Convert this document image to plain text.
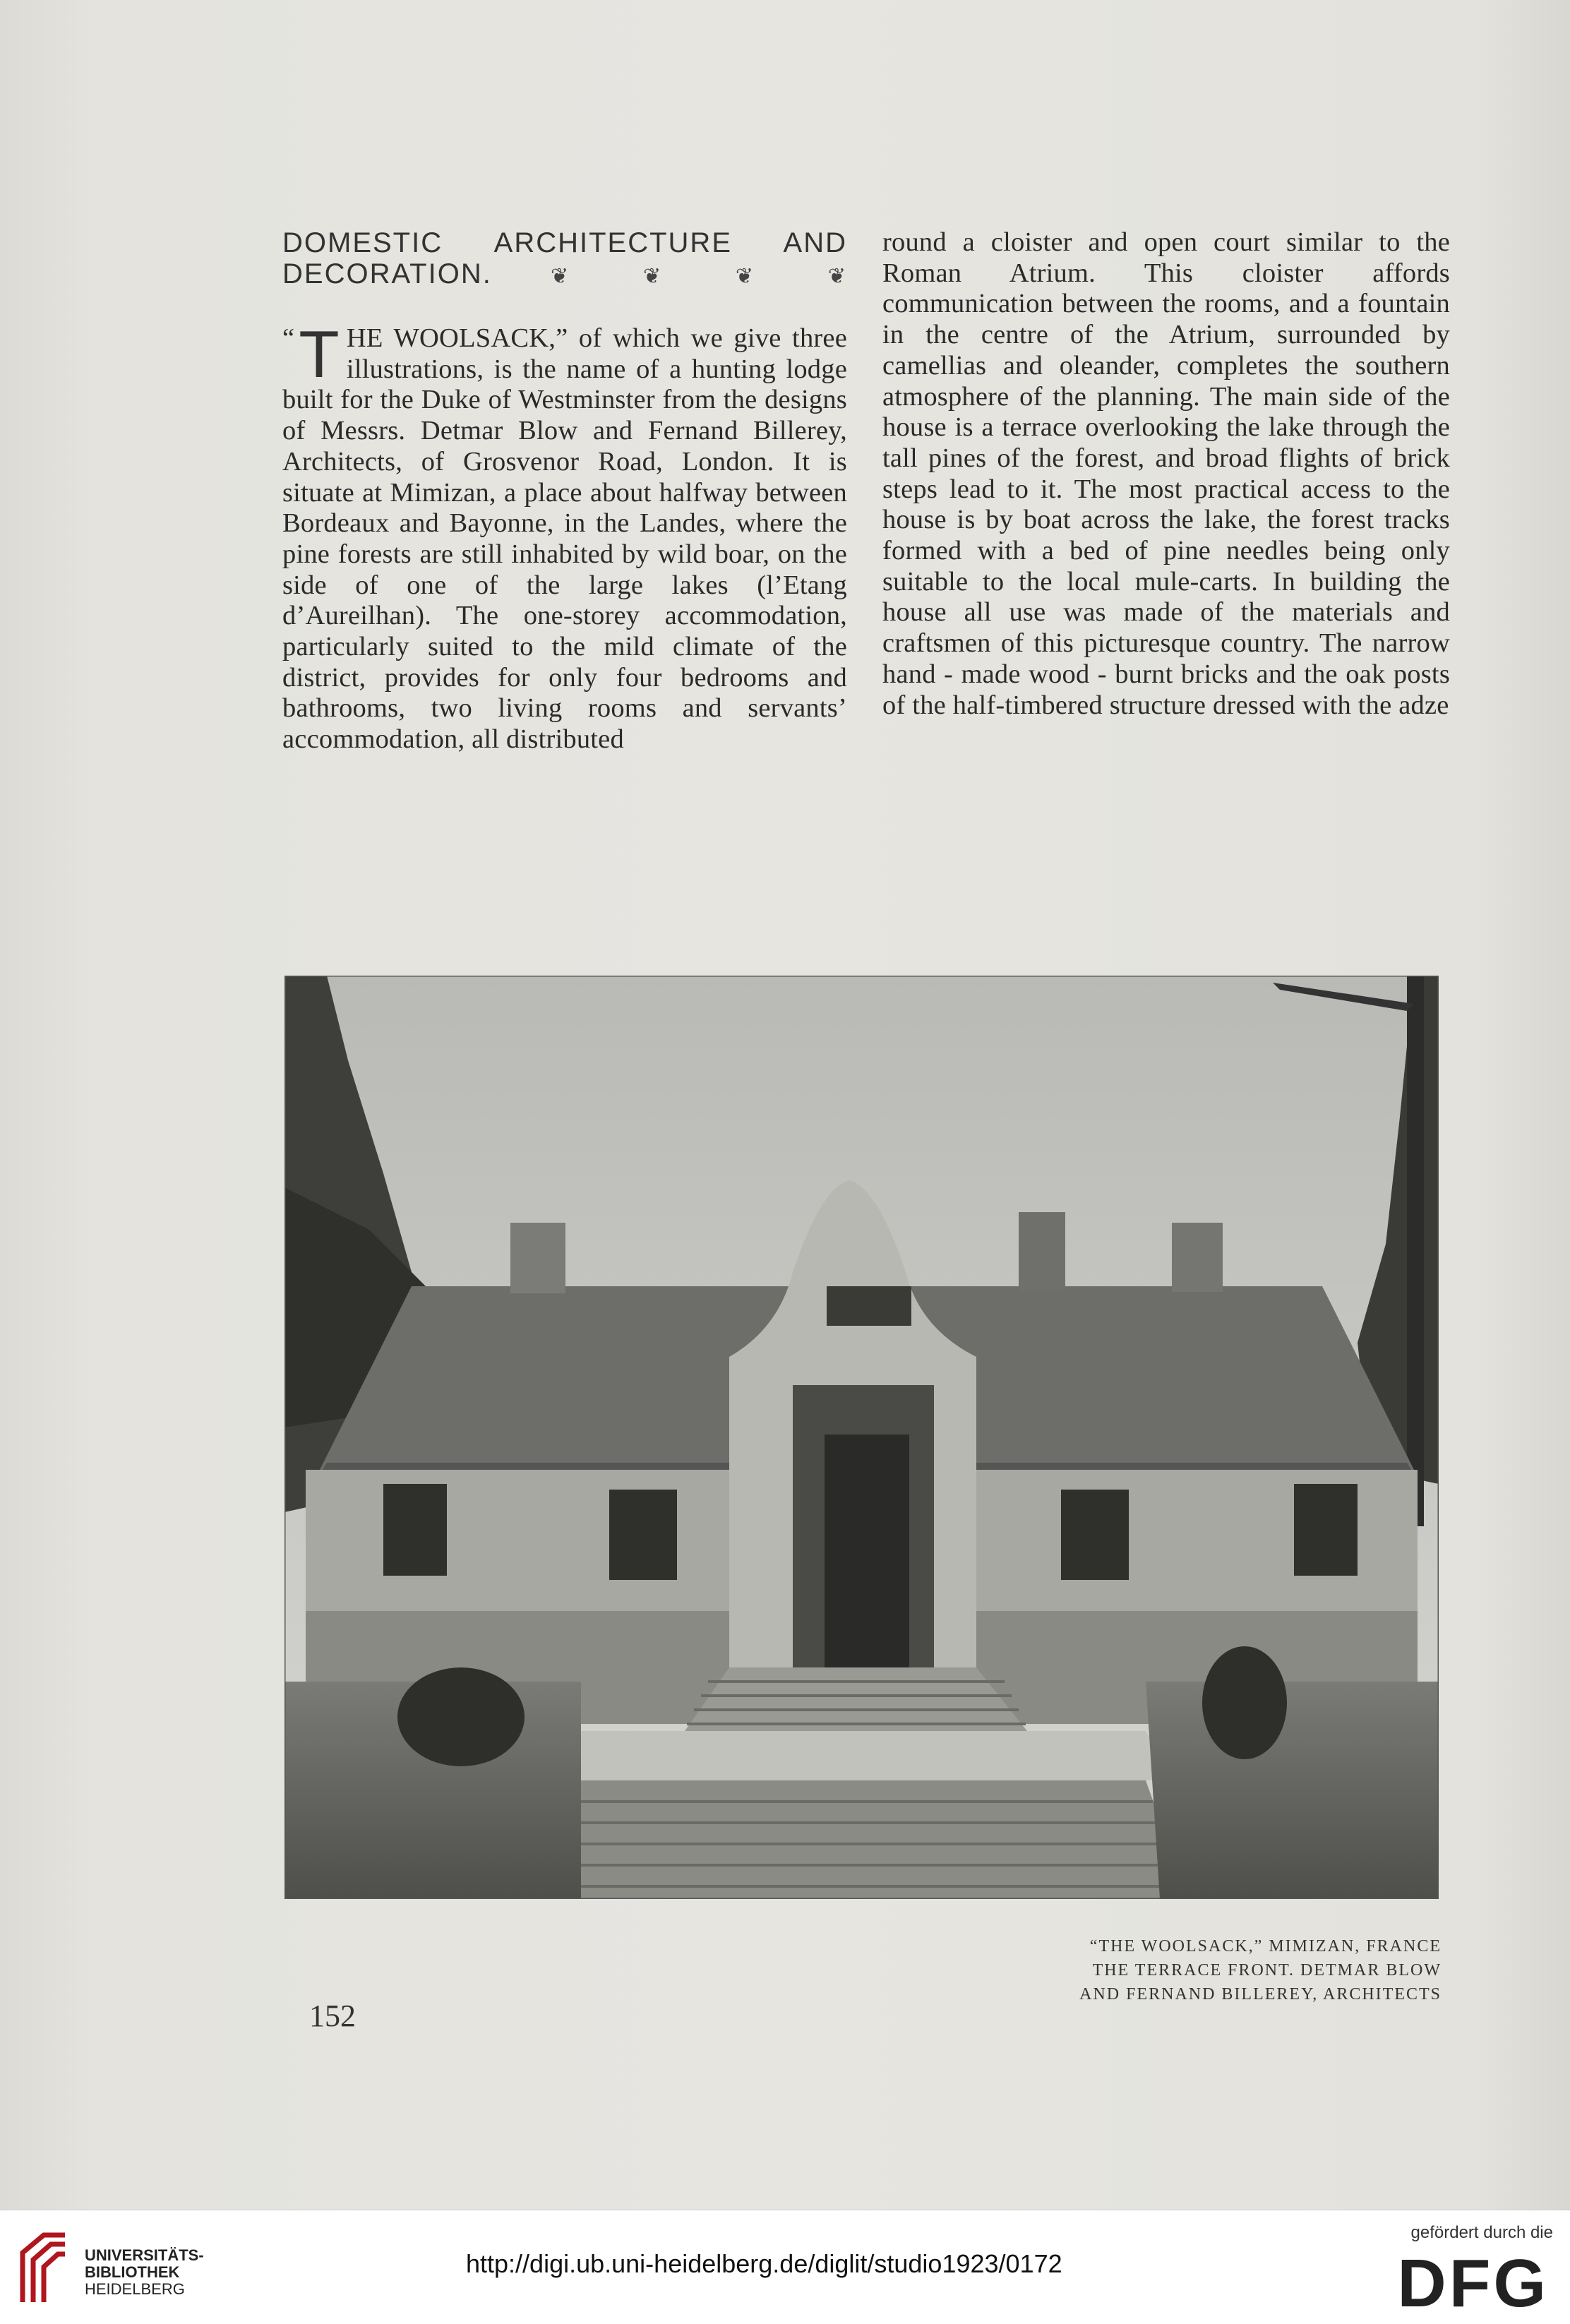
DOMESTIC ARCHITECTURE AND
DECORATION.	❦	❦	❦	❦

“ T HE WOOLSACK,” of which we give three illustrations, is the name of a hunting lodge built for the Duke of Westminster from the designs of Messrs. Detmar Blow and Fernand Billerey, Architects, of Grosvenor Road, London. It is situate at Mimizan, a place about halfway between Bordeaux and Bayonne, in the Landes, where the pine forests are still inhabited by wild boar, on the side of one of the large lakes (l’Etang d’Aureilhan). The one-storey accommodation, particularly suited to the mild climate of the district, provides for only four bedrooms and bathrooms, two living rooms and servants’ accommodation, all distributed

round a cloister and open court similar to the Roman Atrium. This cloister affords communication between the rooms, and a fountain in the centre of the Atrium, surrounded by camellias and oleander, completes the southern atmosphere of the planning. The main side of the house is a terrace overlooking the lake through the tall pines of the forest, and broad flights of brick steps lead to it. The most practical access to the house is by boat across the lake, the forest tracks formed with a bed of pine needles being only suitable to the local mule-carts. In building the house all use was made of the materials and craftsmen of this picturesque country. The narrow hand - made wood - burnt bricks and the oak posts of the half-timbered structure dressed with the adze

“THE WOOLSACK,” MIMIZAN, FRANCE
THE TERRACE FRONT. DETMAR BLOW
AND FERNAND BILLEREY, ARCHITECTS
152
UNIVERSITÄTS-
BIBLIOTHEK
HEIDELBERG
http://digi.ub.uni-heidelberg.de/diglit/studio1923/0172
gefördert durch die
DFG
